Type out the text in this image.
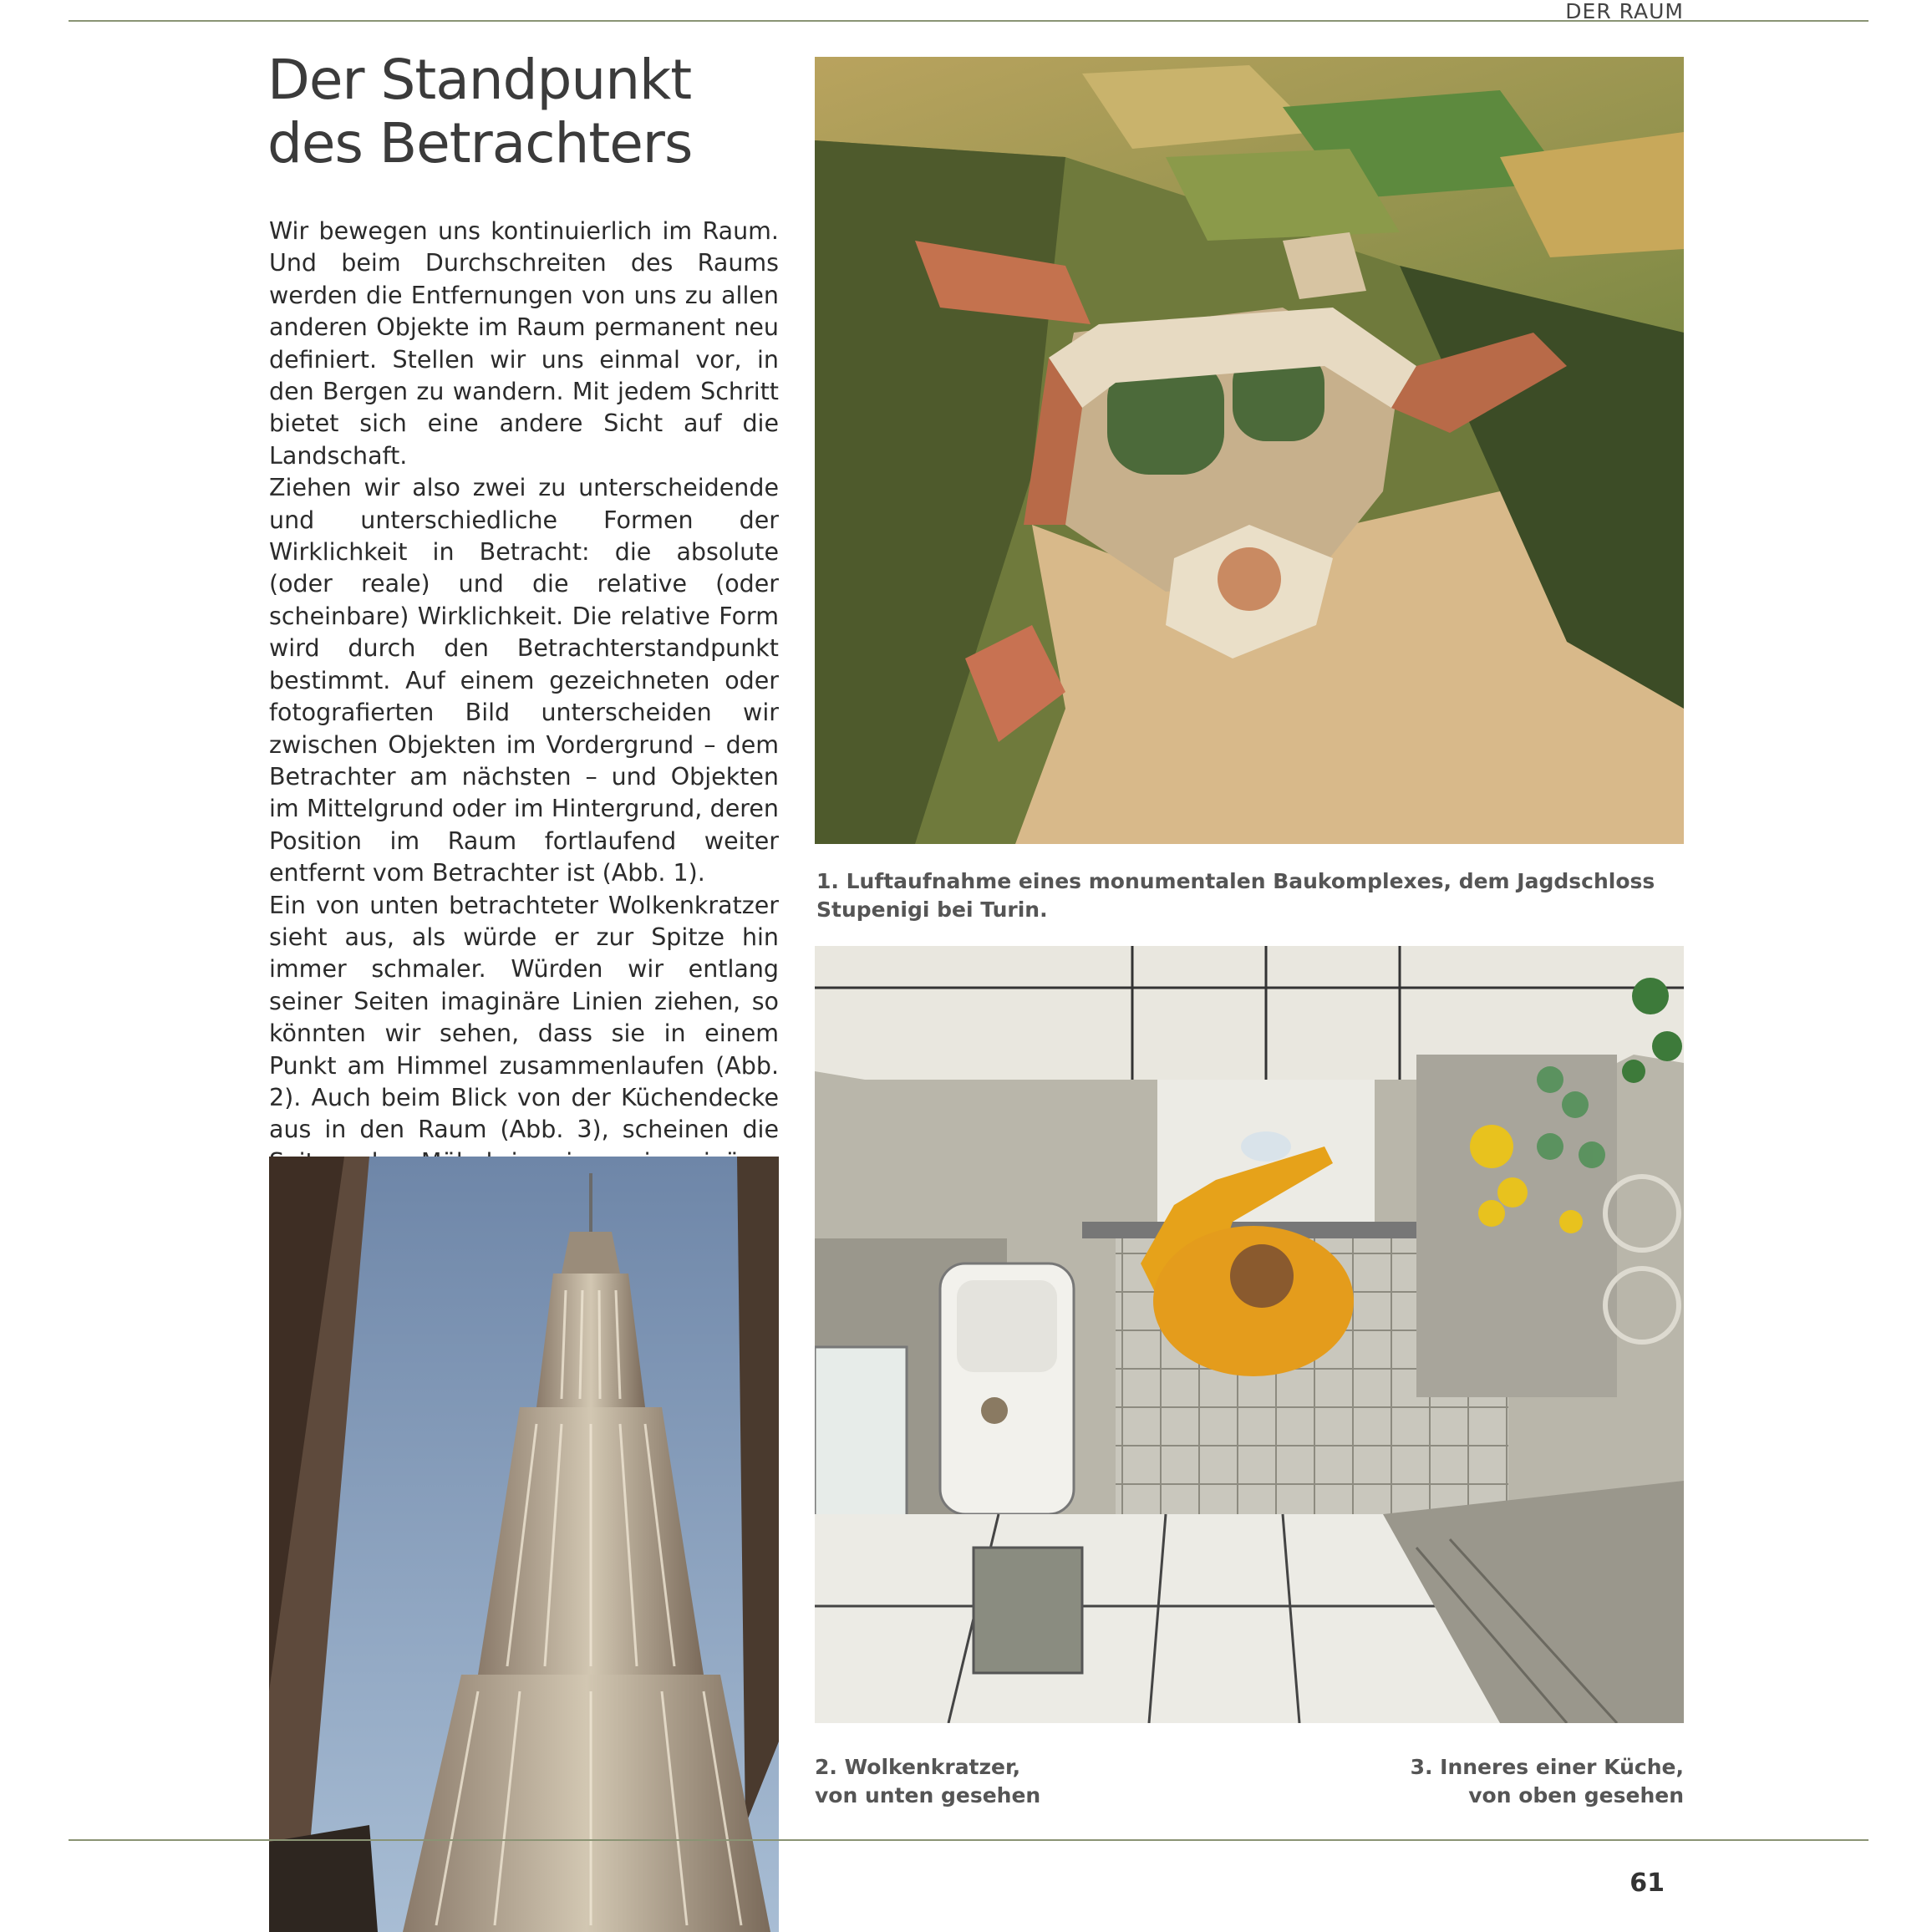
DER RAUM
Der Standpunkt
des Betrachters

Wir bewegen uns kontinuierlich im Raum. Und beim Durchschreiten des Raums werden die Entfernungen von uns zu allen anderen Objekte im Raum permanent neu definiert. Stellen wir uns einmal vor, in den Bergen zu wandern. Mit jedem Schritt bietet sich eine andere Sicht auf die Landschaft.

Ziehen wir also zwei zu unterscheidende und unterschiedliche Formen der Wirklichkeit in Betracht: die absolute (oder reale) und die relative (oder scheinbare) Wirklichkeit. Die relative Form wird durch den Betrachterstandpunkt bestimmt. Auf einem gezeichneten oder fotografierten Bild unterscheiden wir zwischen Objekten im Vordergrund – dem Betrachter am nächsten – und Objekten im Mittelgrund oder im Hintergrund, deren Position im Raum fortlaufend weiter entfernt vom Betrachter ist (Abb. 1).

Ein von unten betrachteter Wolkenkratzer sieht aus, als würde er zur Spitze hin immer schmaler. Würden wir entlang seiner Seiten imaginäre Linien ziehen, so könnten wir sehen, dass sie in einem Punkt am Himmel zusammenlaufen (Abb. 2). Auch beim Blick von der Küchendecke aus in den Raum (Abb. 3), scheinen die

1. Luftaufnahme eines monumentalen Baukomplexes, dem Jagdschloss Stupenigi bei Turin.
2. Wolkenkratzer,
von unten gesehen
3. Inneres einer Küche,
von oben gesehen
61
